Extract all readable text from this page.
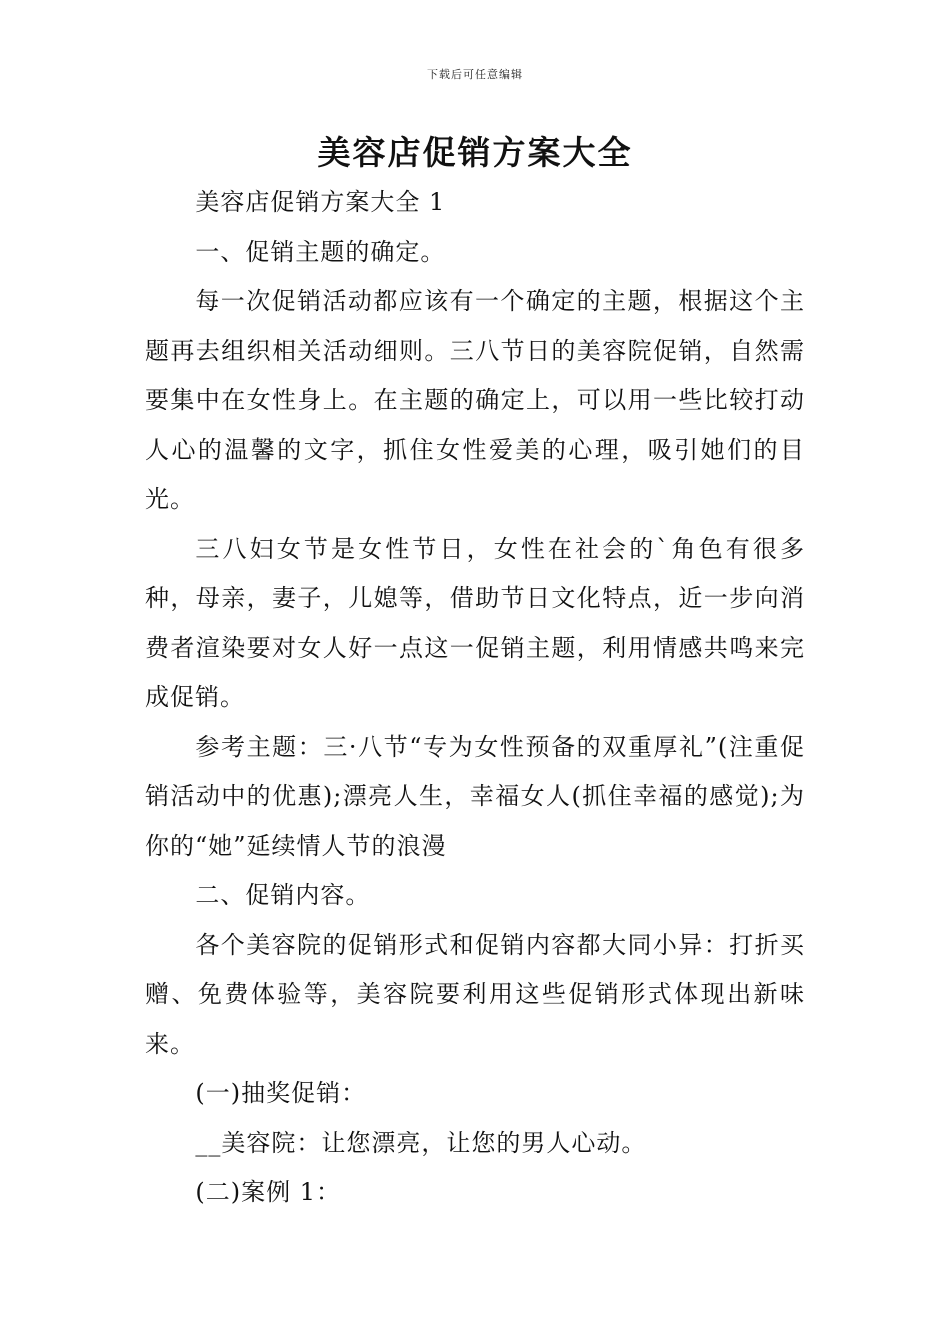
下载后可任意编辑
美容店促销方案大全

美容店促销方案大全 1

一、促销主题的确定。

每一次促销活动都应该有一个确定的主题，根据这个主题再去组织相关活动细则。三八节日的美容院促销，自然需要集中在女性身上。在主题的确定上，可以用一些比较打动人心的温馨的文字，抓住女性爱美的心理，吸引她们的目光。

三八妇女节是女性节日，女性在社会的`角色有很多种，母亲，妻子，儿媳等，借助节日文化特点，近一步向消费者渲染要对女人好一点这一促销主题，利用情感共鸣来完成促销。

参考主题：三·八节“专为女性预备的双重厚礼”(注重促销活动中的优惠);漂亮人生，幸福女人(抓住幸福的感觉);为你的“她”延续情人节的浪漫

二、促销内容。

各个美容院的促销形式和促销内容都大同小异：打折买赠、免费体验等，美容院要利用这些促销形式体现出新味来。

(一)抽奖促销：

__美容院：让您漂亮，让您的男人心动。

(二)案例 1：
